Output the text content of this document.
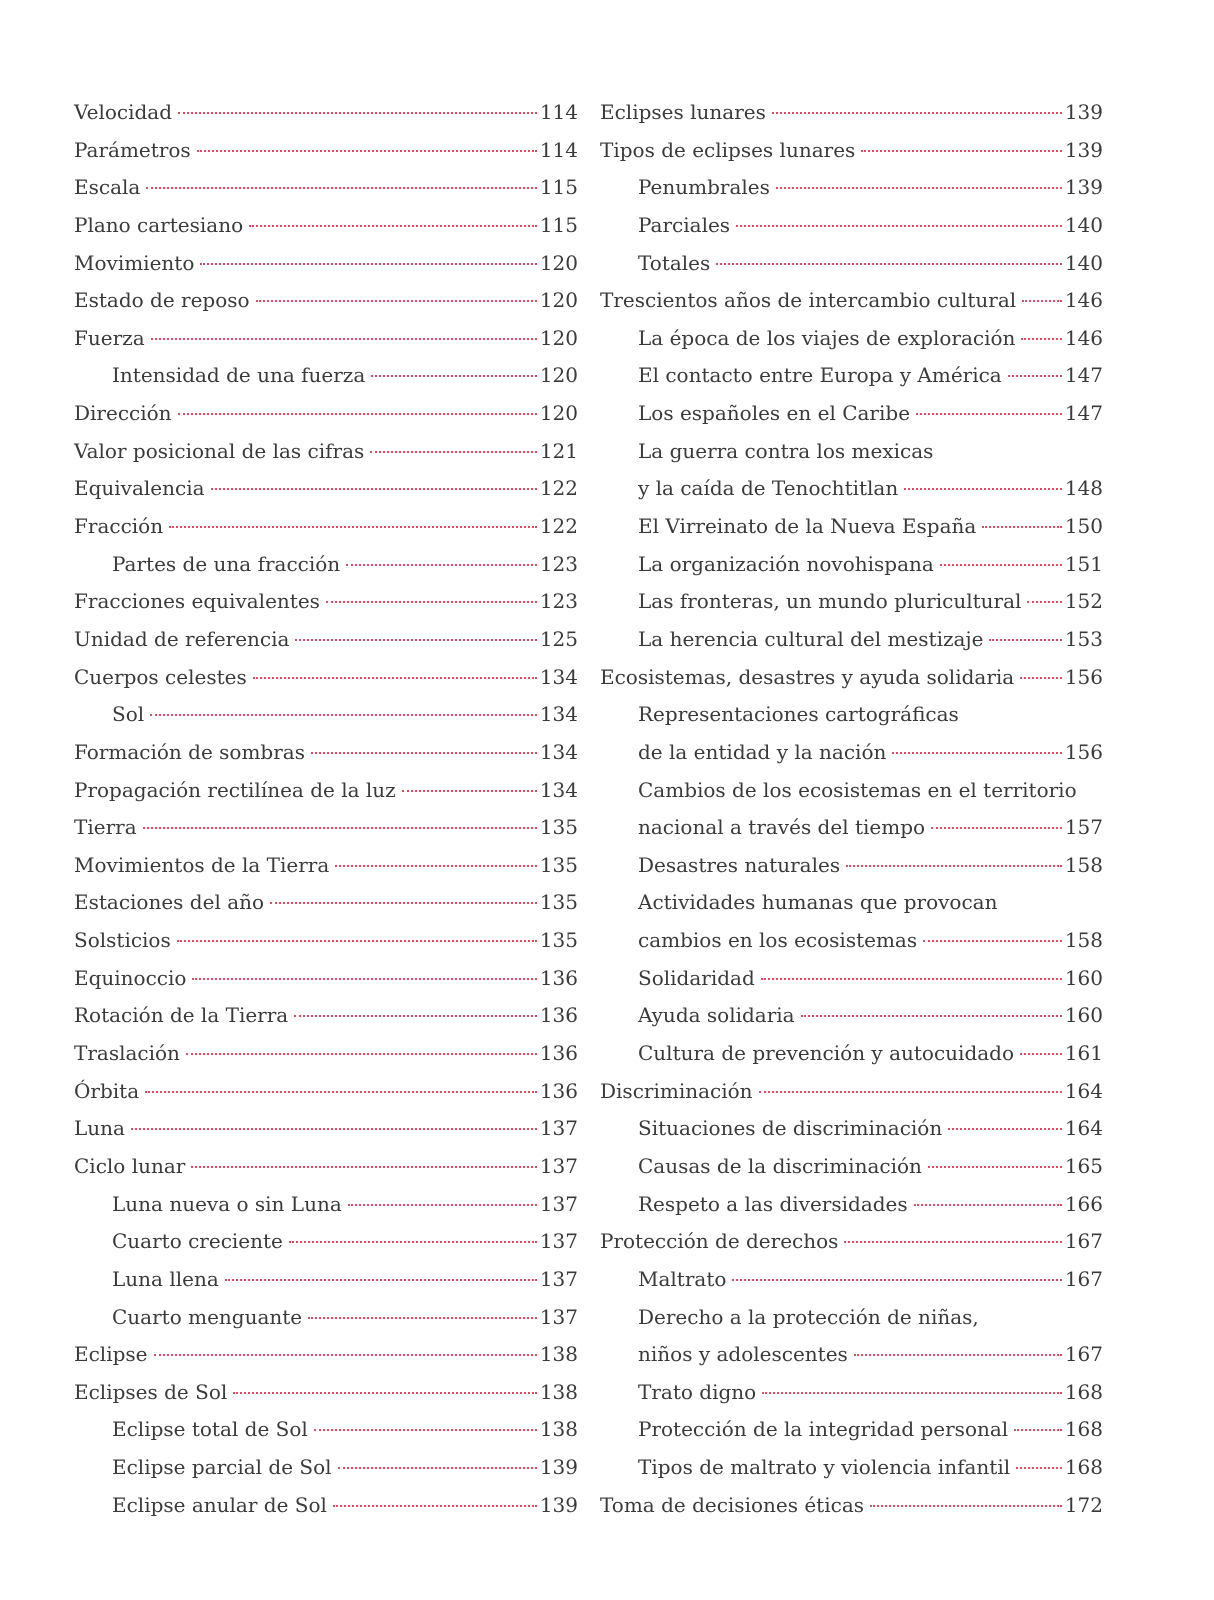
Velocidad	114
Parámetros	114
Escala	115
Plano cartesiano	115
Movimiento	120
Estado de reposo	120
Fuerza	120
Intensidad de una fuerza	120
Dirección	120
Valor posicional de las cifras	121
Equivalencia	122
Fracción	122
Partes de una fracción	123
Fracciones equivalentes	123
Unidad de referencia	125
Cuerpos celestes	134
Sol	134
Formación de sombras	134
Propagación rectilínea de la luz	134
Tierra	135
Movimientos de la Tierra	135
Estaciones del año	135
Solsticios	135
Equinoccio	136
Rotación de la Tierra	136
Traslación	136
Órbita	136
Luna	137
Ciclo lunar	137
Luna nueva o sin Luna	137
Cuarto creciente	137
Luna llena	137
Cuarto menguante	137
Eclipse	138
Eclipses de Sol	138
Eclipse total de Sol	138
Eclipse parcial de Sol	139
Eclipse anular de Sol	139
Eclipses lunares	139
Tipos de eclipses lunares	139
Penumbrales	139
Parciales	140
Totales	140
Trescientos años de intercambio cultural 146
La época de los viajes de exploración 146
El contacto entre Europa y América	147
Los españoles en el Caribe	147
La guerra contra los mexicas
y la caída de Tenochtitlan	148
El Virreinato de la Nueva España	150
La organización novohispana	151
Las fronteras, un mundo pluricultural 152
La herencia cultural del mestizaje	153
Ecosistemas, desastres y ayuda solidaria	156
Representaciones cartográficas
de la entidad y la nación	156
Cambios de los ecosistemas en el territorio
nacional a través del tiempo	157
Desastres naturales	158
Actividades humanas que provocan
cambios en los ecosistemas	158
Solidaridad	160
Ayuda solidaria	160
Cultura de prevención y autocuidado	161
Discriminación	164
Situaciones de discriminación	164
Causas de la discriminación	165
Respeto a las diversidades	166
Protección de derechos	167
Maltrato	167
Derecho a la protección de niñas,
niños y adolescentes	167
Trato digno	168
Protección de la integridad personal	168
Tipos de maltrato y violencia infantil	168
Toma de decisiones éticas	172
